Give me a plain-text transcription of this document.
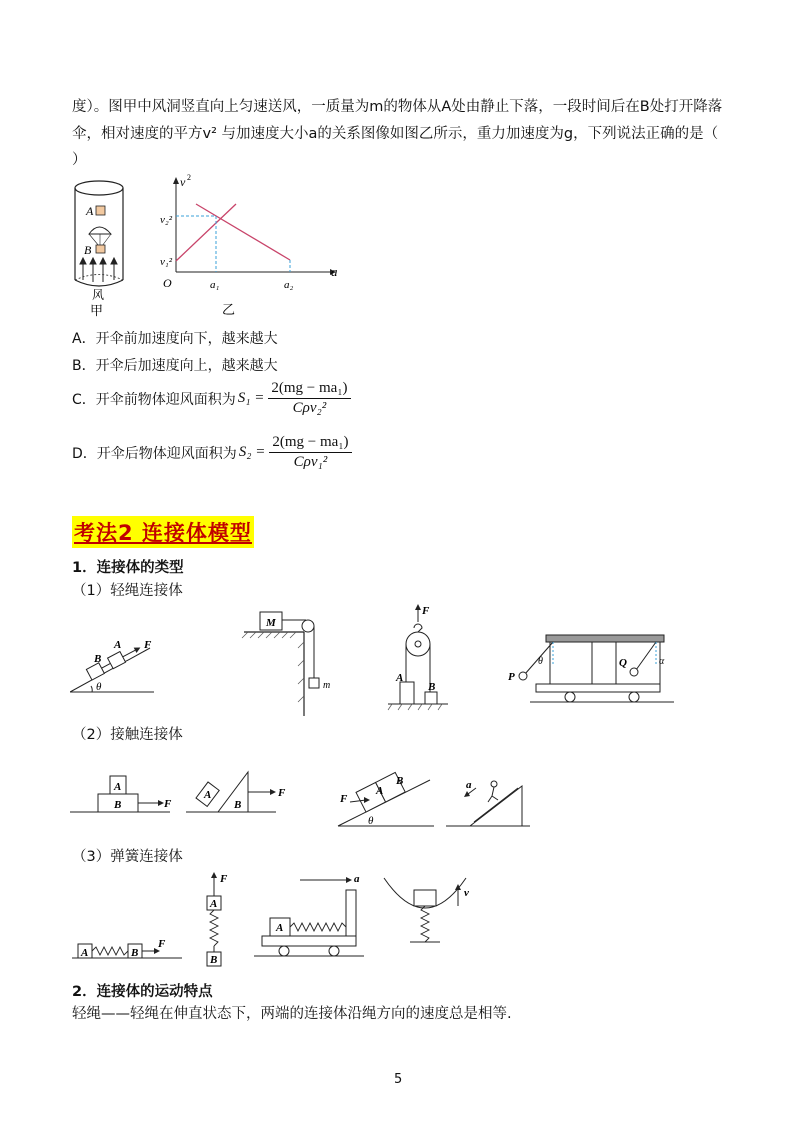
度）。图甲中风洞竖直向上匀速送风，一质量为m的物体从A处由静止下落，一段时间后在B处打开降落
伞，相对速度的平方v² 与加速度大小a的关系图像如图乙所示，重力加速度为g，下列说法正确的是（
）
A
B
风
甲
v 2
a
v₂²
v₁²
a₁	a₂
O
乙
A．开伞前加速度向下，越来越大
B．开伞后加速度向上，越来越大
C．开伞前物体迎风面积为 $S_1 = \frac{\text{2(mg − ma₁)}}{\text{Cρv₂²}}$
D．开伞后物体迎风面积为 $S_2 = \frac{\text{2(mg − ma₁)}}{\text{Cρv₁²}}$
考法2 连接体模型
1．连接体的类型
（1）轻绳连接体
B
A F
θ
M
m
F
A
B
P
Q
θ	α
（2）接触连接体
A
B	F
A
B
F	F
A
B
θ
a
（3）弹簧连接体
A	B
F
F
A
B
a
A
v
2．连接体的运动特点
轻绳——轻绳在伸直状态下，两端的连接体沿绳方向的速度总是相等.
5
